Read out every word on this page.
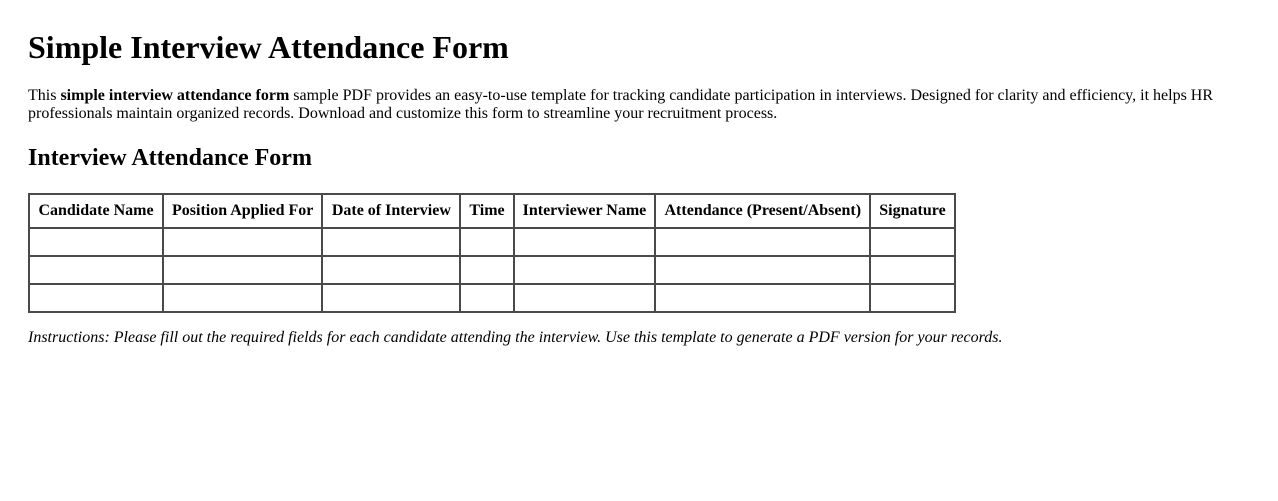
Simple Interview Attendance Form

This simple interview attendance form sample PDF provides an easy-to-use template for tracking candidate participation in interviews. Designed for clarity and efficiency, it helps HR professionals maintain organized records. Download and customize this form to streamline your recruitment process.

Interview Attendance Form
Candidate Name	Position Applied For	Date of Interview	Time	Interviewer Name	Attendance (Present/Absent)	Signature

Instructions: Please fill out the required fields for each candidate attending the interview. Use this template to generate a PDF version for your records.
